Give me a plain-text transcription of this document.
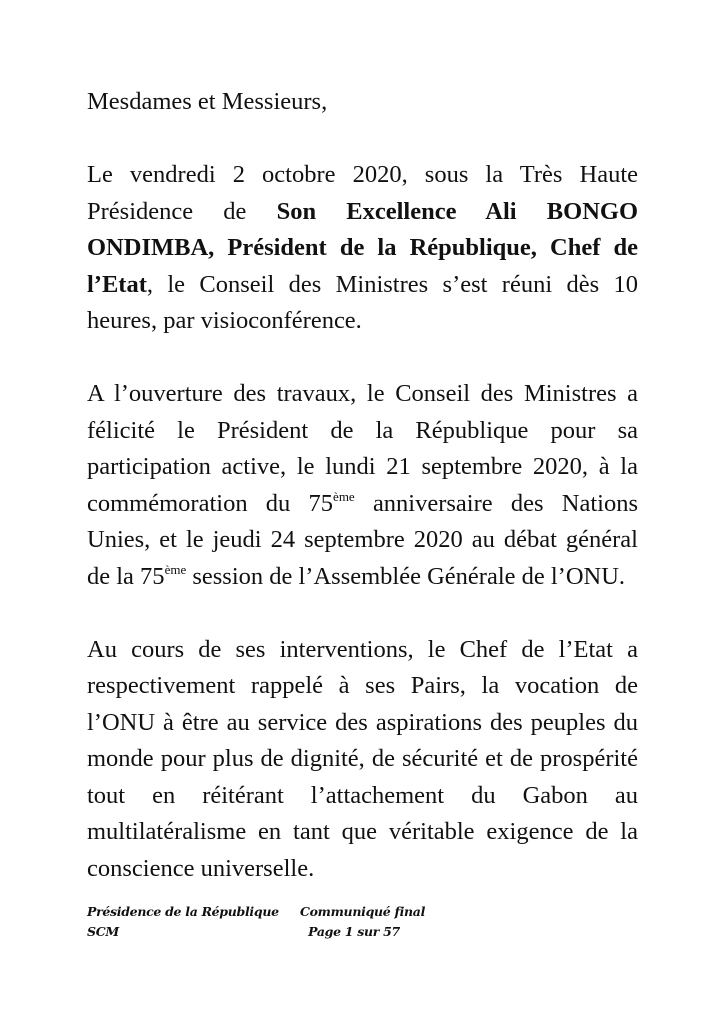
Mesdames et Messieurs,

Le vendredi 2 octobre 2020, sous la Très Haute Présidence de Son Excellence Ali BONGO ONDIMBA, Président de la République, Chef de l’Etat, le Conseil des Ministres s’est réuni dès 10 heures, par visioconférence.

A l’ouverture des travaux, le Conseil des Ministres a félicité le Président de la République pour sa participation active, le lundi 21 septembre 2020, à la commémoration du 75ème anniversaire des Nations Unies, et le jeudi 24 septembre 2020 au débat général de la 75ème session de l’Assemblée Générale de l’ONU.

Au cours de ses interventions, le Chef de l’Etat a respectivement rappelé à ses Pairs, la vocation de l’ONU à être au service des aspirations des peuples du monde pour plus de dignité, de sécurité et de prospérité tout en réitérant l’attachement du Gabon au multilatéralisme en tant que véritable exigence de la conscience universelle.

Présidence de la République
SCM
Communiqué final
Page 1 sur 57
